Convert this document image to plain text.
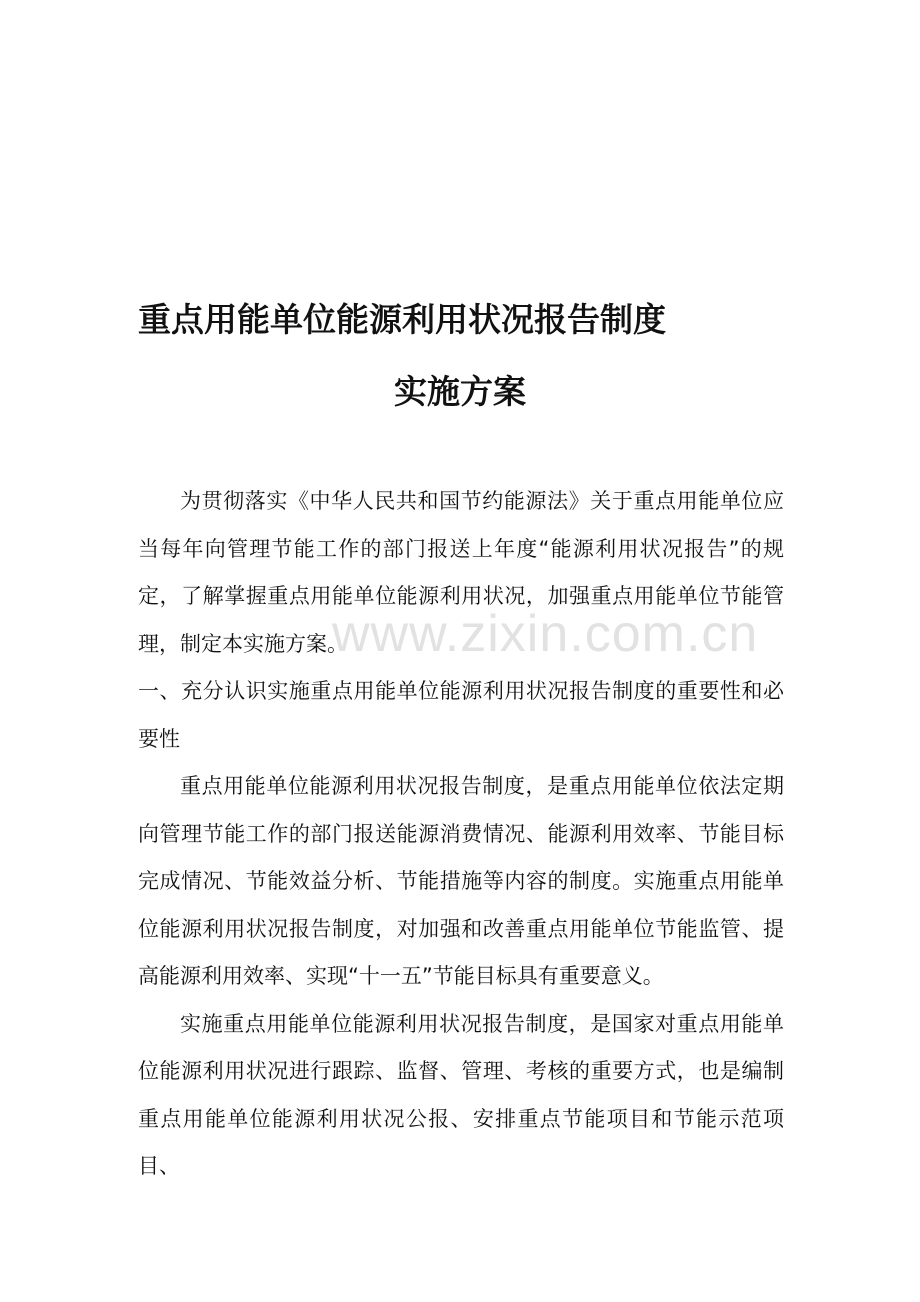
重点用能单位能源利用状况报告制度
实施方案

为贯彻落实《中华人民共和国节约能源法》关于重点用能单位应当每年向管理节能工作的部门报送上年度“能源利用状况报告”的规定，了解掌握重点用能单位能源利用状况，加强重点用能单位节能管理，制定本实施方案。

一、充分认识实施重点用能单位能源利用状况报告制度的重要性和必要性

重点用能单位能源利用状况报告制度，是重点用能单位依法定期向管理节能工作的部门报送能源消费情况、能源利用效率、节能目标完成情况、节能效益分析、节能措施等内容的制度。实施重点用能单位能源利用状况报告制度，对加强和改善重点用能单位节能监管、提高能源利用效率、实现“十一五”节能目标具有重要意义。

实施重点用能单位能源利用状况报告制度，是国家对重点用能单位能源利用状况进行跟踪、监督、管理、考核的重要方式，也是编制重点用能单位能源利用状况公报、安排重点节能项目和节能示范项目、

www.zixin.com.cn
